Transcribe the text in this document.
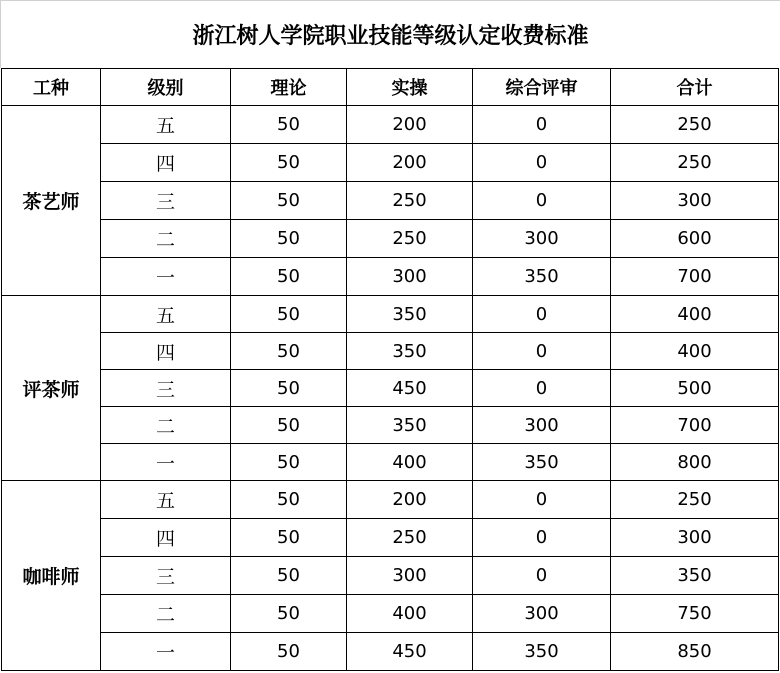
浙江树人学院职业技能等级认定收费标准
工种	级别	理论	实操	综合评审	合计
茶艺师	五	50	200	0	250
	四	50	200	0	250
	三	50	250	0	300
	二	50	250	300	600
	一	50	300	350	700
评茶师	五	50	350	0	400
	四	50	350	0	400
	三	50	450	0	500
	二	50	350	300	700
	一	50	400	350	800
咖啡师	五	50	200	0	250
	四	50	250	0	300
	三	50	300	0	350
	二	50	400	300	750
	一	50	450	350	850
